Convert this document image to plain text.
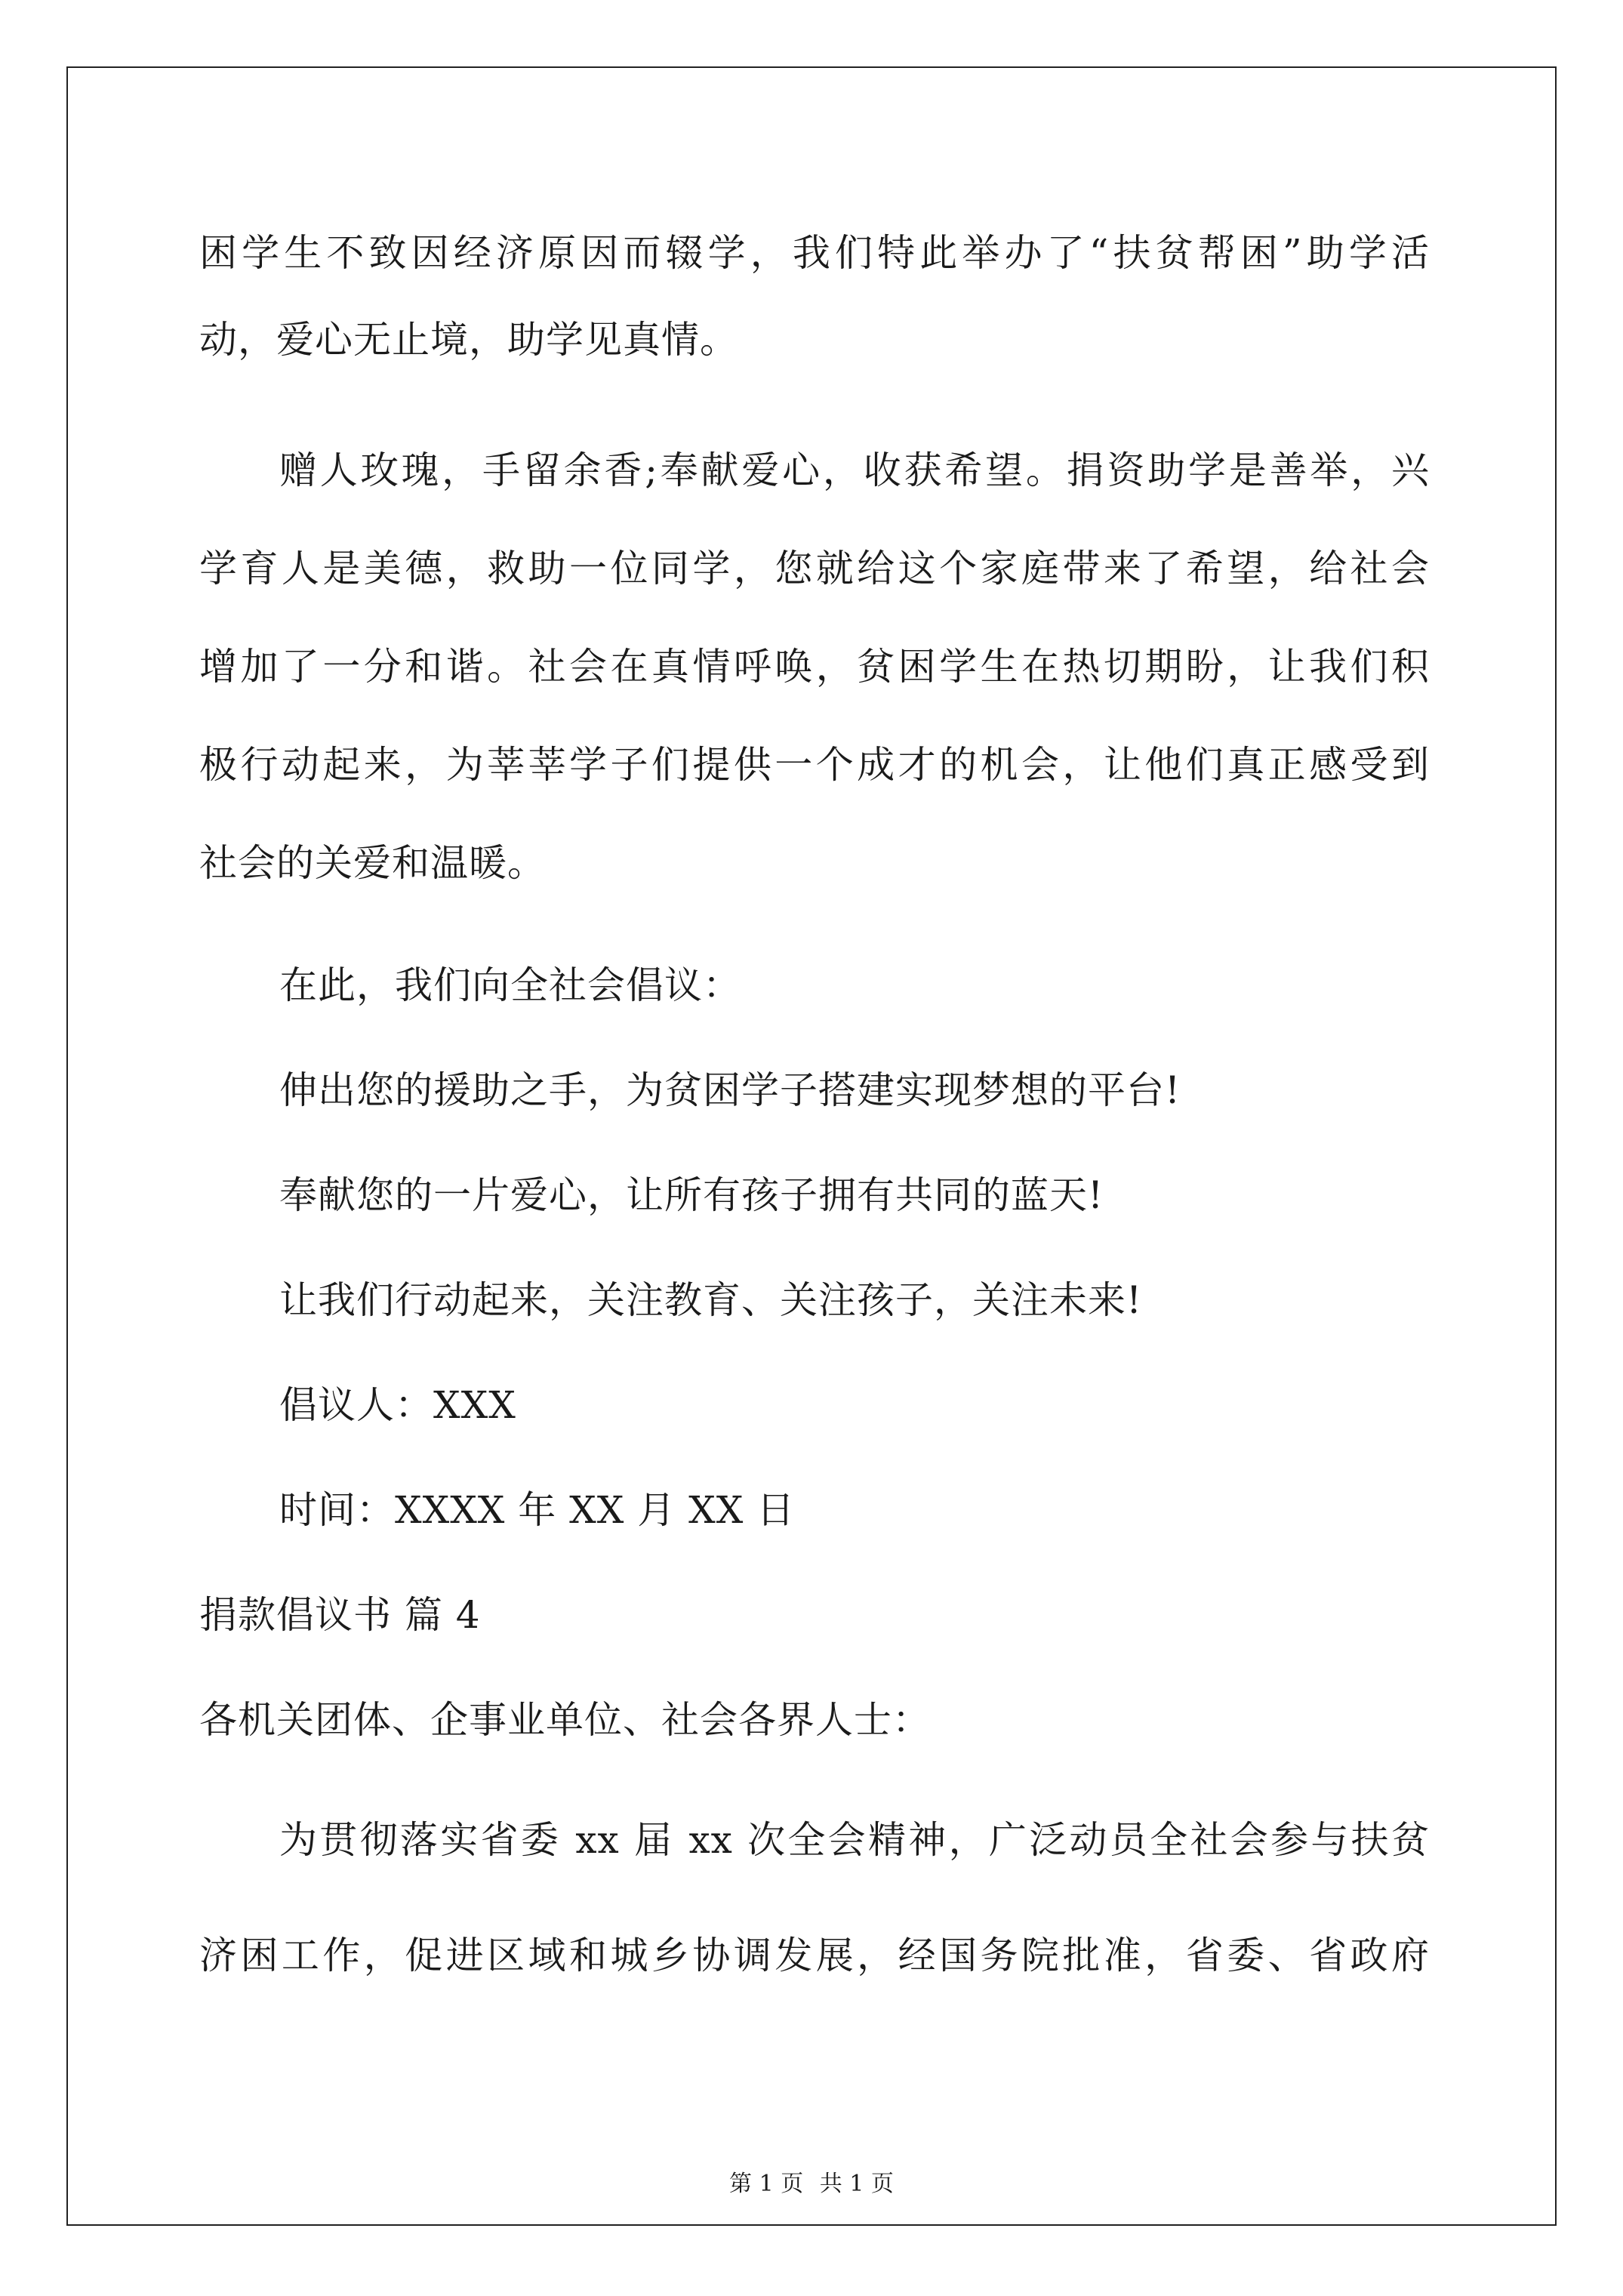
困学生不致因经济原因而辍学，我们特此举办了“扶贫帮困”助学活
动，爱心无止境，助学见真情。
赠人玫瑰，手留余香;奉献爱心，收获希望。捐资助学是善举，兴
学育人是美德，救助一位同学，您就给这个家庭带来了希望，给社会
增加了一分和谐。社会在真情呼唤，贫困学生在热切期盼，让我们积
极行动起来，为莘莘学子们提供一个成才的机会，让他们真正感受到
社会的关爱和温暖。
在此，我们向全社会倡议：
伸出您的援助之手，为贫困学子搭建实现梦想的平台!
奉献您的一片爱心，让所有孩子拥有共同的蓝天!
让我们行动起来，关注教育、关注孩子，关注未来!
倡议人：XXX
时间：XXXX 年 XX 月 XX 日
捐款倡议书 篇 4
各机关团体、企事业单位、社会各界人士：
为贯彻落实省委 xx 届 xx 次全会精神，广泛动员全社会参与扶贫
济困工作，促进区域和城乡协调发展，经国务院批准，省委、省政府
第 1 页 共 1 页
